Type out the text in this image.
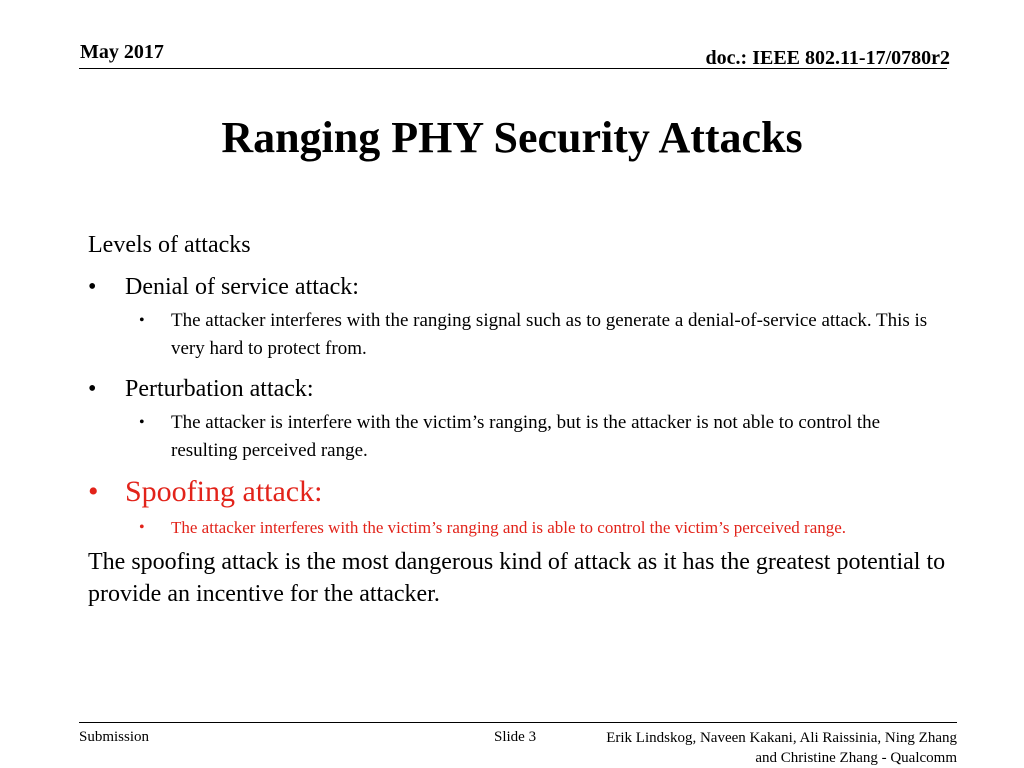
May 2017	doc.: IEEE 802.11-17/0780r2
Ranging PHY Security Attacks

Levels of attacks

• Denial of service attack:
• The attacker interferes with the ranging signal such as to generate a denial-of-service attack. This is very hard to protect from.
• Perturbation attack:
• The attacker is interfere with the victim’s ranging, but is the attacker is not able to control the resulting perceived range.
• Spoofing attack:
• The attacker interferes with the victim’s ranging and is able to control the victim’s perceived range.

The spoofing attack is the most dangerous kind of attack as it has the greatest potential to provide an incentive for the attacker.

Submission	Slide 3	Erik Lindskog, Naveen Kakani, Ali Raissinia, Ning Zhang and Christine Zhang - Qualcomm
